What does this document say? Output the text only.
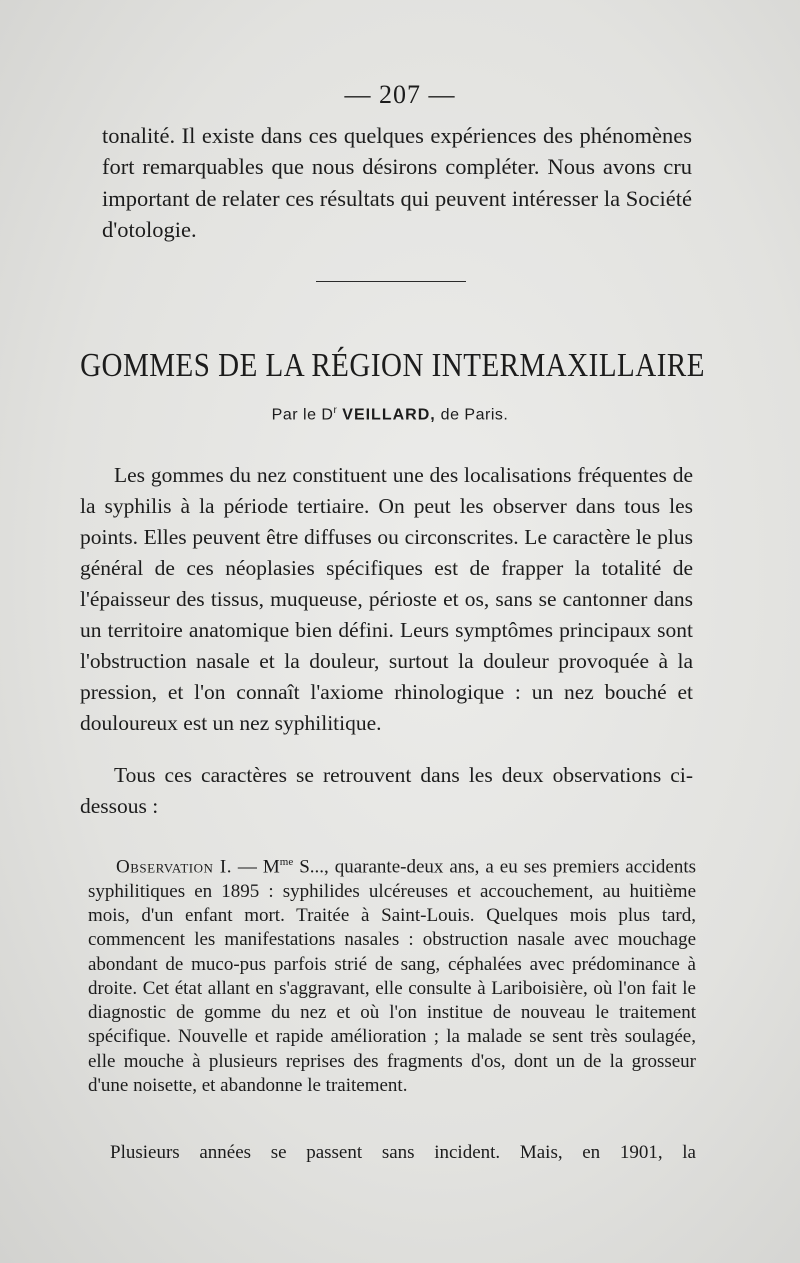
— 207 —

tonalité. Il existe dans ces quelques expériences des phénomènes fort remarquables que nous désirons compléter. Nous avons cru important de relater ces résultats qui peuvent intéresser la Société d'otologie.

GOMMES DE LA RÉGION INTERMAXILLAIRE
Par le $D^r$ VEILLARD, de Paris.

Les gommes du nez constituent une des localisations fréquentes de la syphilis à la période tertiaire. On peut les observer dans tous les points. Elles peuvent être diffuses ou circonscrites. Le caractère le plus général de ces néoplasies spécifiques est de frapper la totalité de l'épaisseur des tissus, muqueuse, périoste et os, sans se cantonner dans un territoire anatomique bien défini. Leurs symptômes principaux sont l'obstruction nasale et la douleur, surtout la douleur provoquée à la pression, et l'on connaît l'axiome rhinologique : un nez bouché et douloureux est un nez syphilitique.

Tous ces caractères se retrouvent dans les deux observations ci-dessous :

Observation I. — $M^{me}$ S..., quarante-deux ans, a eu ses premiers accidents syphilitiques en 1895 : syphilides ulcéreuses et accouchement, au huitième mois, d'un enfant mort. Traitée à Saint-Louis. Quelques mois plus tard, commencent les manifestations nasales : obstruction nasale avec mouchage abondant de muco-pus parfois strié de sang, céphalées avec prédominance à droite. Cet état allant en s'aggravant, elle consulte à Lariboisière, où l'on fait le diagnostic de gomme du nez et où l'on institue de nouveau le traitement spécifique. Nouvelle et rapide amélioration ; la malade se sent très soulagée, elle mouche à plusieurs reprises des fragments d'os, dont un de la grosseur d'une noisette, et abandonne le traitement.

Plusieurs années se passent sans incident. Mais, en 1901, la
